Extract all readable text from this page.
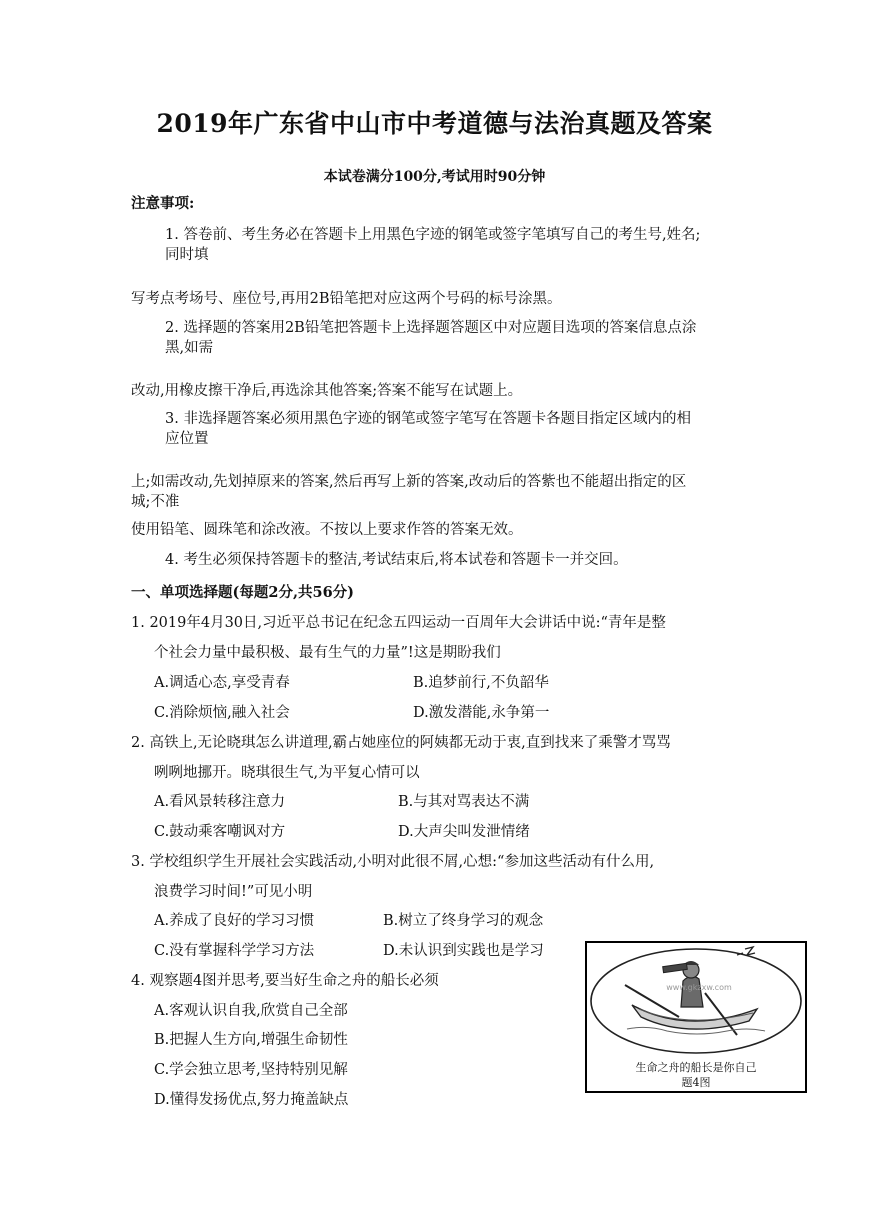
2019年广东省中山市中考道德与法治真题及答案
本试卷满分100分,考试用时90分钟
注意事项:
1. 答卷前、考生务必在答题卡上用黑色字迹的钢笔或签字笔填写自己的考生号,姓名;
同时填
写考点考场号、座位号,再用2B铅笔把对应这两个号码的标号涂黑。
2. 选择题的答案用2B铅笔把答题卡上选择题答题区中对应题目选项的答案信息点涂
黑,如需
改动,用橡皮擦干净后,再选涂其他答案;答案不能写在试题上。
3. 非选择题答案必须用黑色字迹的钢笔或签字笔写在答题卡各题目指定区域内的相
应位置
上;如需改动,先划掉原来的答案,然后再写上新的答案,改动后的答紫也不能超出指定的区
城;不准
使用铅笔、圆珠笔和涂改液。不按以上要求作答的答案无效。
4. 考生必须保持答题卡的整洁,考试结束后,将本试卷和答题卡一并交回。
一、单项选择题(每题2分,共56分)
1. 2019年4月30日,习近平总书记在纪念五四运动一百周年大会讲话中说:“青年是整
个社会力量中最积极、最有生气的力量”!这是期盼我们
A.调适心态,享受青春	B.追梦前行,不负韶华
C.消除烦恼,融入社会	D.激发潜能,永争第一
2. 高铁上,无论晓琪怎么讲道理,霸占她座位的阿姨都无动于衷,直到找来了乘警才骂骂
咧咧地挪开。晓琪很生气,为平复心情可以
A.看风景转移注意力	B.与其对骂表达不满
C.鼓动乘客嘲讽对方	D.大声尖叫发泄情绪
3. 学校组织学生开展社会实践活动,小明对此很不屑,心想:“参加这些活动有什么用,
浪费学习时间!”可见小明
A.养成了良好的学习习惯	B.树立了终身学习的观念
C.没有掌握科学学习方法	D.未认识到实践也是学习
4. 观察题4图并思考,要当好生命之舟的船长必须
A.客观认识自我,欣赏自己全部
B.把握人生方向,增强生命韧性
C.学会独立思考,坚持特别见解
D.懂得发扬优点,努力掩盖缺点
www.gkzxw.com
生命之舟的船长是你自己
题4图
